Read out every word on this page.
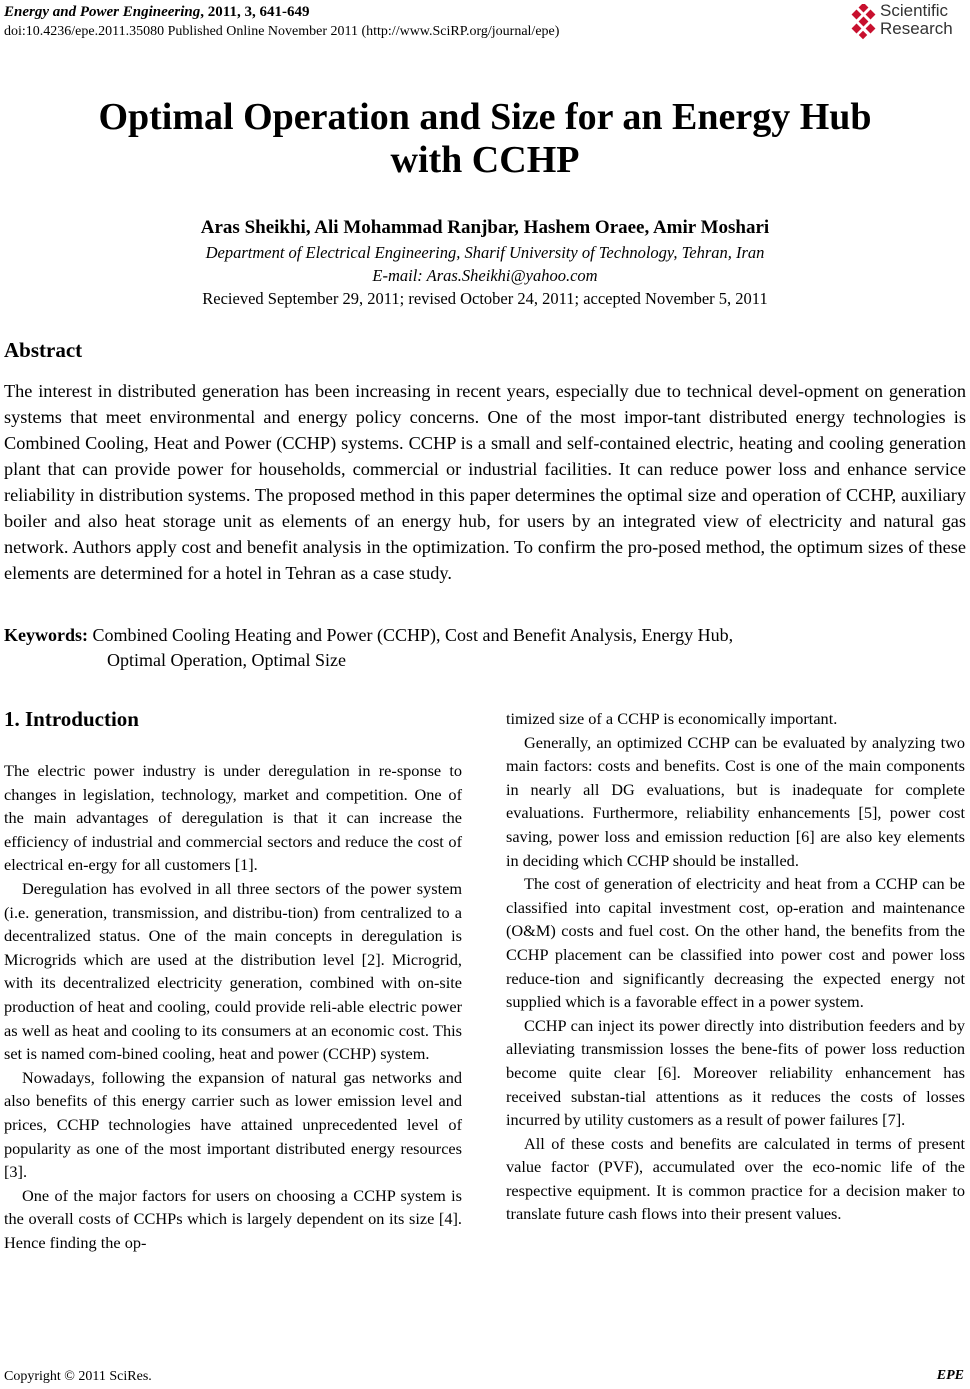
Energy and Power Engineering, 2011, 3, 641-649
doi:10.4236/epe.2011.35080 Published Online November 2011 (http://www.SciRP.org/journal/epe)
Scientific
Research
Optimal Operation and Size for an Energy Hub
with CCHP
Aras Sheikhi, Ali Mohammad Ranjbar, Hashem Oraee, Amir Moshari
Department of Electrical Engineering, Sharif University of Technology, Tehran, Iran
E-mail: Aras.Sheikhi@yahoo.com
Recieved September 29, 2011; revised October 24, 2011; accepted November 5, 2011
Abstract

The interest in distributed generation has been increasing in recent years, especially due to technical devel-opment on generation systems that meet environmental and energy policy concerns. One of the most impor-tant distributed energy technologies is Combined Cooling, Heat and Power (CCHP) systems. CCHP is a small and self-contained electric, heating and cooling generation plant that can provide power for households, commercial or industrial facilities. It can reduce power loss and enhance service reliability in distribution systems. The proposed method in this paper determines the optimal size and operation of CCHP, auxiliary boiler and also heat storage unit as elements of an energy hub, for users by an integrated view of electricity and natural gas network. Authors apply cost and benefit analysis in the optimization. To confirm the pro-posed method, the optimum sizes of these elements are determined for a hotel in Tehran as a case study.

Keywords: Combined Cooling Heating and Power (CCHP), Cost and Benefit Analysis, Energy Hub,
Optimal Operation, Optimal Size
1. Introduction

The electric power industry is under deregulation in re-sponse to changes in legislation, technology, market and competition. One of the main advantages of deregulation is that it can increase the efficiency of industrial and commercial sectors and reduce the cost of electrical en-ergy for all customers [1].

Deregulation has evolved in all three sectors of the power system (i.e. generation, transmission, and distribu-tion) from centralized to a decentralized status. One of the main concepts in deregulation is Microgrids which are used at the distribution level [2]. Microgrid, with its decentralized electricity generation, combined with on-site production of heat and cooling, could provide reli-able electric power as well as heat and cooling to its consumers at an economic cost. This set is named com-bined cooling, heat and power (CCHP) system.

Nowadays, following the expansion of natural gas networks and also benefits of this energy carrier such as lower emission level and prices, CCHP technologies have attained unprecedented level of popularity as one of the most important distributed energy resources [3].

One of the major factors for users on choosing a CCHP system is the overall costs of CCHPs which is largely dependent on its size [4]. Hence finding the op-

timized size of a CCHP is economically important.

Generally, an optimized CCHP can be evaluated by analyzing two main factors: costs and benefits. Cost is one of the main components in nearly all DG evaluations, but is inadequate for complete evaluations. Furthermore, reliability enhancements [5], power cost saving, power loss and emission reduction [6] are also key elements in deciding which CCHP should be installed.

The cost of generation of electricity and heat from a CCHP can be classified into capital investment cost, op-eration and maintenance (O&M) costs and fuel cost. On the other hand, the benefits from the CCHP placement can be classified into power cost and power loss reduce-tion and significantly decreasing the expected energy not supplied which is a favorable effect in a power system.

CCHP can inject its power directly into distribution feeders and by alleviating transmission losses the bene-fits of power loss reduction become quite clear [6]. Moreover reliability enhancement has received substan-tial attentions as it reduces the costs of losses incurred by utility customers as a result of power failures [7].

All of these costs and benefits are calculated in terms of present value factor (PVF), accumulated over the eco-nomic life of the respective equipment. It is common practice for a decision maker to translate future cash flows into their present values.

Copyright © 2011 SciRes.	EPE
